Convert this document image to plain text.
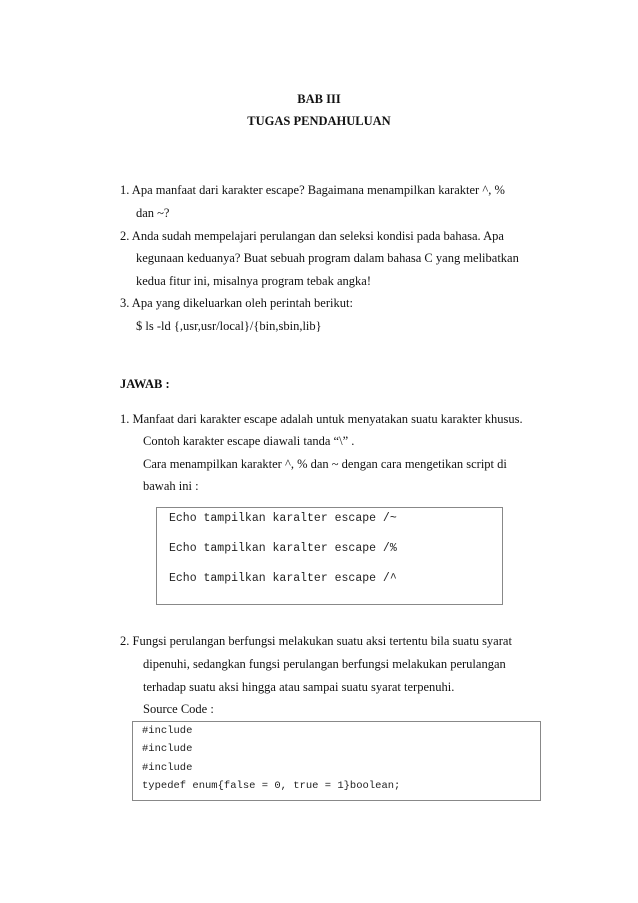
BAB III
TUGAS PENDAHULUAN
1. Apa manfaat dari karakter escape? Bagaimana menampilkan karakter ^, %
dan ~?
2. Anda sudah mempelajari perulangan dan seleksi kondisi pada bahasa. Apa
kegunaan keduanya? Buat sebuah program dalam bahasa C yang melibatkan
kedua fitur ini, misalnya program tebak angka!
3. Apa yang dikeluarkan oleh perintah berikut:
$ ls -ld {,usr,usr/local}/{bin,sbin,lib}
JAWAB :
1. Manfaat dari karakter escape adalah untuk menyatakan suatu karakter khusus.
Contoh karakter escape diawali tanda “\” .
Cara menampilkan karakter ^, % dan ~ dengan cara mengetikan script di
bawah ini :
Echo tampilkan karalter escape /~
Echo tampilkan karalter escape /%
Echo tampilkan karalter escape /^
2. Fungsi perulangan berfungsi melakukan suatu aksi tertentu bila suatu syarat
dipenuhi, sedangkan fungsi perulangan berfungsi melakukan perulangan
terhadap suatu aksi hingga atau sampai suatu syarat terpenuhi.
Source Code :
#include
#include
#include
typedef enum{false = 0, true = 1}boolean;
